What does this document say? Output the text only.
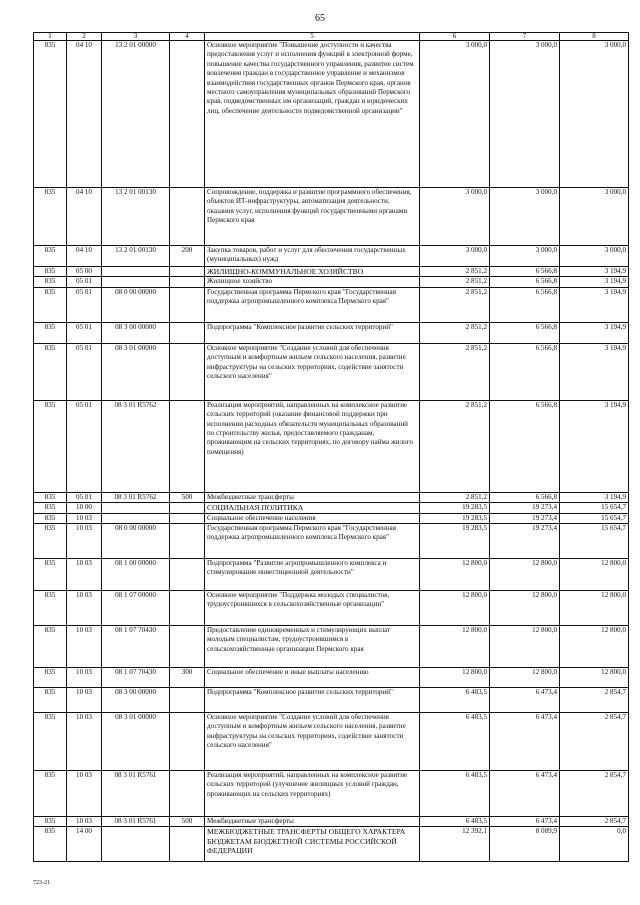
65
1	2	3	4	5	6	7	8
835	04 10	13 2 01 00000		Основное мероприятие "Повышение доступности и качества предоставления услуг и исполнения функций в электронной форме, повышение качества государственного управления, развитие систем вовлечения граждан в государственное управление и механизмов взаимодействия государственных органов Пермского края, органов местного самоуправления муниципальных образований Пермского края, подведомственных им организаций, граждан и юридических лиц, обеспечение деятельности подведомственной организации"	3 000,0	3 000,0	3 000,0
835	04 10	13 2 01 00130		Сопровождение, поддержка и развитие программного обеспечения, объектов ИТ-инфраструктуры, автоматизация деятельности, оказания услуг, исполнения функций государственными органами Пермского края	3 000,0	3 000,0	3 000,0
835	04 10	13 2 01 00130	200	Закупка товаров, работ и услуг для обеспечения государственных (муниципальных) нужд	3 000,0	3 000,0	3 000,0
835	05 00			ЖИЛИЩНО-КОММУНАЛЬНОЕ ХОЗЯЙСТВО	2 851,2	6 566,8	3 194,9
835	05 01			Жилищное хозяйство	2 851,2	6 566,8	3 194,9
835	05 01	08 0 00 00000		Государственная программа Пермского края "Государственная поддержка агропромышленного комплекса Пермского края"	2 851,2	6 566,8	3 194,9
835	05 01	08 3 00 00000		Подпрограмма "Комплексное развитие сельских территорий"	2 851,2	6 566,8	3 194,9
835	05 01	08 3 01 00000		Основное мероприятие "Создание условий для обеспечения доступным и комфортным жильем сельского населения, развитие инфраструктуры на сельских территориях, содействие занятости сельского населения"	2 851,2	6 566,8	3 194,9
835	05 01	08 3 01 R5762		Реализация мероприятий, направленных на комплексное развитие сельских территорий (оказание финансовой поддержки при исполнении расходных обязательств муниципальных образований по строительству жилья, предоставляемого гражданам, проживающим на сельских территориях, по договору найма жилого помещения)	2 851,2	6 566,8	3 194,9
835	05 01	08 3 01 R5762	500	Межбюджетные трансферты	2 851,2	6 566,8	3 194,9
835	10 00			СОЦИАЛЬНАЯ ПОЛИТИКА	19 283,5	19 273,4	15 654,7
835	10 03			Социальное обеспечение населения	19 283,5	19 273,4	15 654,7
835	10 03	08 0 00 00000		Государственная программа Пермского края "Государственная поддержка агропромышленного комплекса Пермского края"	19 283,5	19 273,4	15 654,7
835	10 03	08 1 00 00000		Подпрограмма "Развитие агропромышленного комплекса и стимулирование инвестиционной деятельности"	12 800,0	12 800,0	12 800,0
835	10 03	08 1 07 00000		Основное мероприятие "Поддержка молодых специалистов, трудоустроившихся в сельскохозяйственные организации"	12 800,0	12 800,0	12 800,0
835	10 03	08 1 07 70430		Предоставление единовременных и стимулирующих выплат молодым специалистам, трудоустроившимся в сельскохозяйственные организации Пермского края	12 800,0	12 800,0	12 800,0
835	10 03	08 1 07 70430	300	Социальное обеспечение и иные выплаты населению	12 800,0	12 800,0	12 800,0
835	10 03	08 3 00 00000		Подпрограмма "Комплексное развитие сельских территорий"	6 483,5	6 473,4	2 854,7
835	10 03	08 3 01 00000		Основное мероприятие "Создание условий для обеспечения доступным и комфортным жильем сельского населения, развитие инфраструктуры на сельских территориях, содействие занятости сельского населения"	6 483,5	6 473,4	2 854,7
835	10 03	08 3 01 R5761		Реализация мероприятий, направленных на комплексное развитие сельских территорий (улучшение жилищных условий граждан, проживающих на сельских территориях)	6 483,5	6 473,4	2 854,7
835	10 03	08 3 01 R5761	500	Межбюджетные трансферты	6 483,5	6 473,4	2 854,7
835	14 00			МЕЖБЮДЖЕТНЫЕ ТРАНСФЕРТЫ ОБЩЕГО ХАРАКТЕРА БЮДЖЕТАМ БЮДЖЕТНОЙ СИСТЕМЫ РОССИЙСКОЙ ФЕДЕРАЦИИ	12 392,1	8 089,9	0,0
723-21
